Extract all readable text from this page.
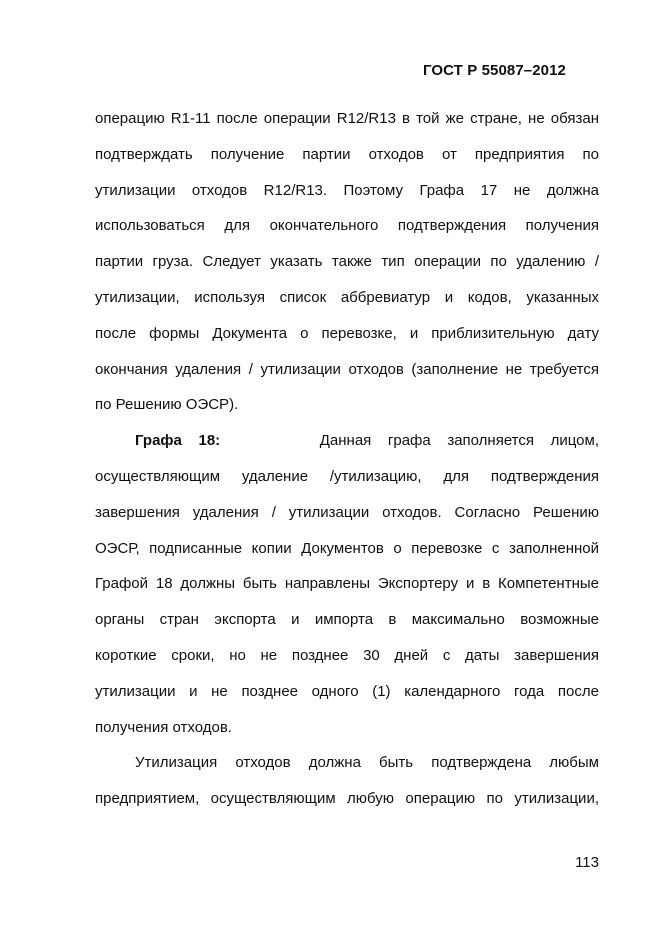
ГОСТ Р 55087–2012
операцию R1-11 после операции R12/R13 в той же стране, не обязан
подтверждать получение партии отходов от предприятия по
утилизации отходов R12/R13. Поэтому Графа 17 не должна
использоваться для окончательного подтверждения получения
партии груза. Следует указать также тип операции по удалению /
утилизации, используя список аббревиатур и кодов, указанных
после формы Документа о перевозке, и приблизительную дату
окончания удаления / утилизации отходов (заполнение не требуется
по Решению ОЭСР).
Графа 18:	Данная графа заполняется лицом,
осуществляющим удаление /утилизацию, для подтверждения
завершения удаления / утилизации отходов. Согласно Решению
ОЭСР, подписанные копии Документов о перевозке с заполненной
Графой 18 должны быть направлены Экспортеру и в Компетентные
органы стран экспорта и импорта в максимально возможные
короткие сроки, но не позднее 30 дней с даты завершения
утилизации и не позднее одного (1) календарного года после
получения отходов.
Утилизация отходов должна быть подтверждена любым
предприятием, осуществляющим любую операцию по утилизации,
113
